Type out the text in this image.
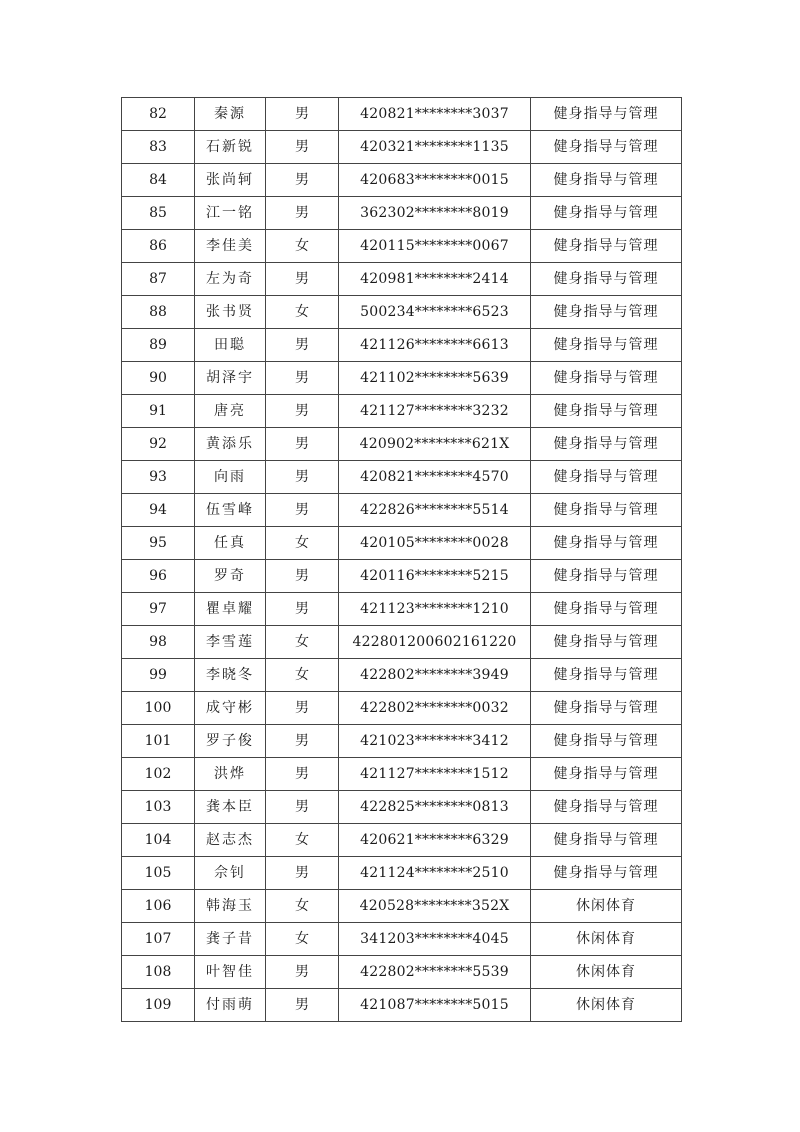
82	秦源	男	420821********3037	健身指导与管理
83	石新锐	男	420321********1135	健身指导与管理
84	张尚轲	男	420683********0015	健身指导与管理
85	江一铭	男	362302********8019	健身指导与管理
86	李佳美	女	420115********0067	健身指导与管理
87	左为奇	男	420981********2414	健身指导与管理
88	张书贤	女	500234********6523	健身指导与管理
89	田聪	男	421126********6613	健身指导与管理
90	胡泽宇	男	421102********5639	健身指导与管理
91	唐亮	男	421127********3232	健身指导与管理
92	黄添乐	男	420902********621X	健身指导与管理
93	向雨	男	420821********4570	健身指导与管理
94	伍雪峰	男	422826********5514	健身指导与管理
95	任真	女	420105********0028	健身指导与管理
96	罗奇	男	420116********5215	健身指导与管理
97	瞿卓耀	男	421123********1210	健身指导与管理
98	李雪莲	女	422801200602161220	健身指导与管理
99	李晓冬	女	422802********3949	健身指导与管理
100	成守彬	男	422802********0032	健身指导与管理
101	罗子俊	男	421023********3412	健身指导与管理
102	洪烨	男	421127********1512	健身指导与管理
103	龚本臣	男	422825********0813	健身指导与管理
104	赵志杰	女	420621********6329	健身指导与管理
105	佘钊	男	421124********2510	健身指导与管理
106	韩海玉	女	420528********352X	休闲体育
107	龚子昔	女	341203********4045	休闲体育
108	叶智佳	男	422802********5539	休闲体育
109	付雨萌	男	421087********5015	休闲体育
